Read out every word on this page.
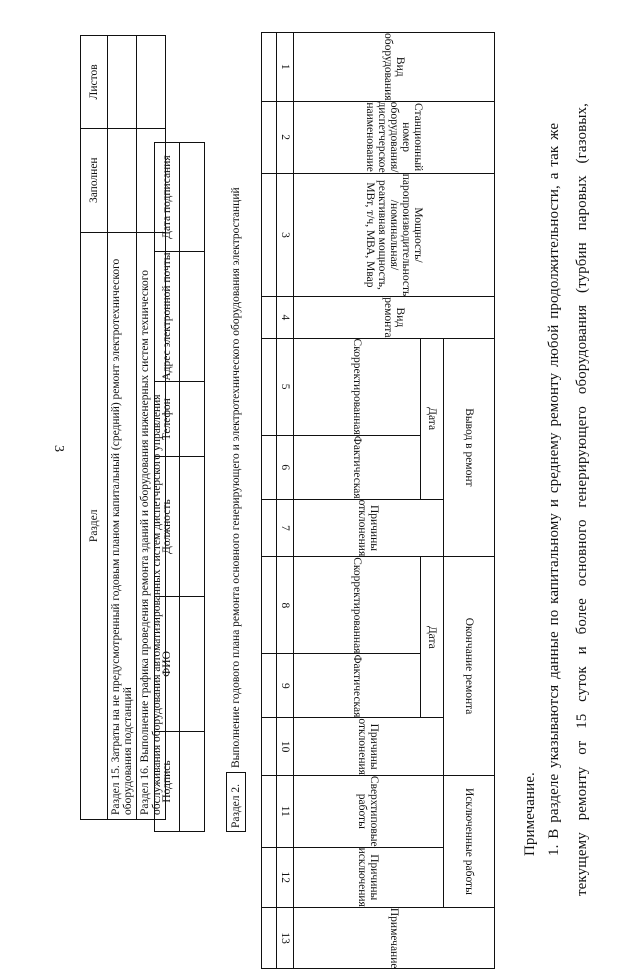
3
Раздел	Заполнен	Листов
Раздел 15. Затраты на не предусмотренный годовым планом капитальный (средний) ремонт электротехнического оборудования подстанций		
Раздел 16. Выполнение графика проведения ремонта зданий и оборудования инженерных систем технического обслуживания оборудования автоматизированных систем диспетчерского управления		
Подпись	ФИО	Должность	Телефон	Адрес электронной почты	Дата подписания

Раздел 2.	Выполнение годового плана ремонта основного генерирующего и электротехнического оборудования электростанций
Вид оборудования	Станционный номер оборудования/ диспетчерское наименование	Мощность/паропроизводительность /номинальная/реактивная мощность, МВт, т/ч, МВА, Мвар	Вид ремонта	Вывод в ремонт			Окончание ремонта			Исключенные работы		Примечание
				Дата		Причины отклонения	Дата		Причины отклонения	Сверхтиповые работы	Причины исключения	
				Скорректированная	Фактическая		Скорректированная	Фактическая				
1	2	3	4	5	6	7	8	9	10	11	12	13

Примечание. 1. В разделе указываются данные по капитальному и среднему ремонту любой продолжительности, а так же текущему ремонту от 15 суток и более основного генерирующего оборудования (турбин паровых (газовых,
